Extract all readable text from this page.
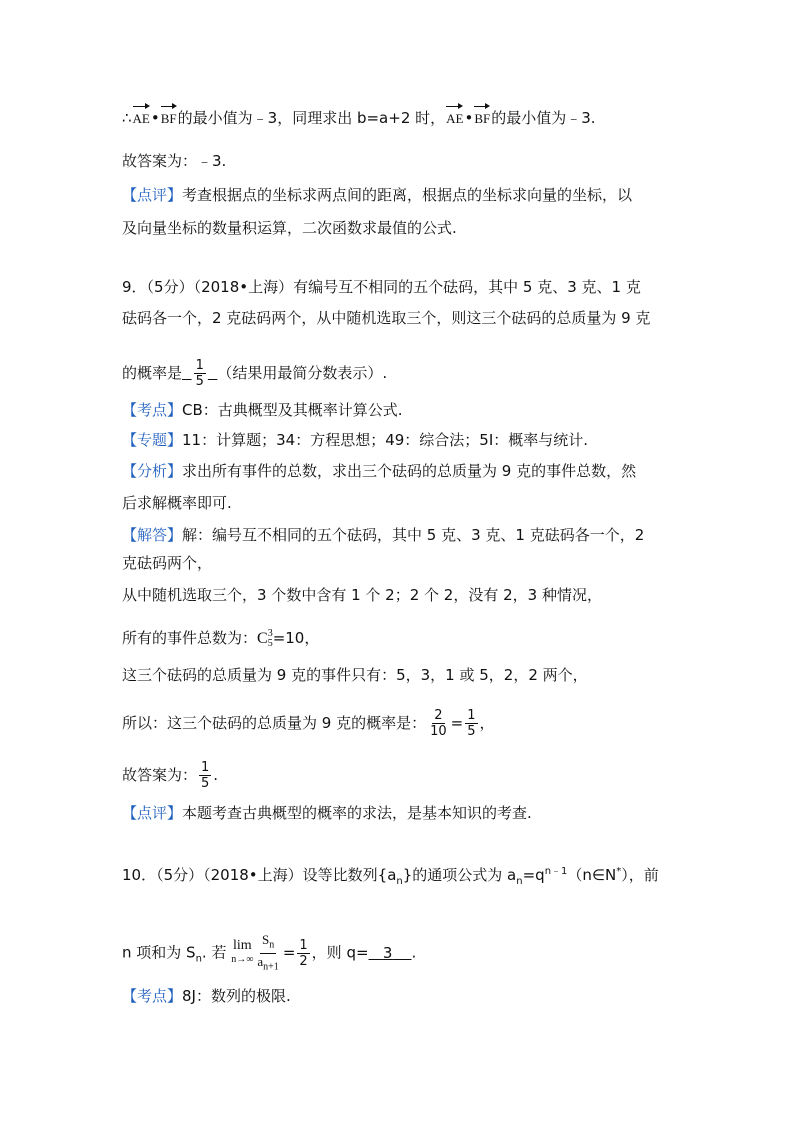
∴AE•BF的最小值为﹣3，同理求出 b=a+2 时，AE•BF的最小值为﹣3.
故答案为：﹣3.
【点评】考查根据点的坐标求两点间的距离，根据点的坐标求向量的坐标，以
及向量坐标的数量积运算，二次函数求最值的公式.
9．（5分）（2018•上海）有编号互不相同的五个砝码，其中 5 克、3 克、1 克
砝码各一个，2 克砝码两个，从中随机选取三个，则这三个砝码的总质量为 9 克
的概率是 $\frac{1}{5}$ （结果用最简分数表示）.
【考点】CB：古典概型及其概率计算公式.
【专题】11：计算题；34：方程思想；49：综合法；5I：概率与统计.
【分析】求出所有事件的总数，求出三个砝码的总质量为 9 克的事件总数，然
后求解概率即可.
【解答】解：编号互不相同的五个砝码，其中 5 克、3 克、1 克砝码各一个，2
克砝码两个，
从中随机选取三个，3 个数中含有 1 个 2；2 个 2，没有 2，3 种情况，
所有的事件总数为：C 3
5 =10，
这三个砝码的总质量为 9 克的事件只有：5，3，1 或 5，2，2 两个，
所以：这三个砝码的总质量为 9 克的概率是： $\frac{2}{10} = \frac{1}{5}$ ，
故答案为： $\frac{1}{5}$ .
【点评】本题考查古典概型的概率的求法，是基本知识的考查.
10．（5分）（2018•上海）设等比数列$\{a_n\}$的通项公式为 $a_n=q^{n﹣1}(n\in N^*)$，前
n 项和为 $S_n$. 若 lim
$n\to\infty \frac{S_n}{a_{n+1}} = \frac{1}{2}$ ，则 q= 3 .
【考点】8J：数列的极限.
